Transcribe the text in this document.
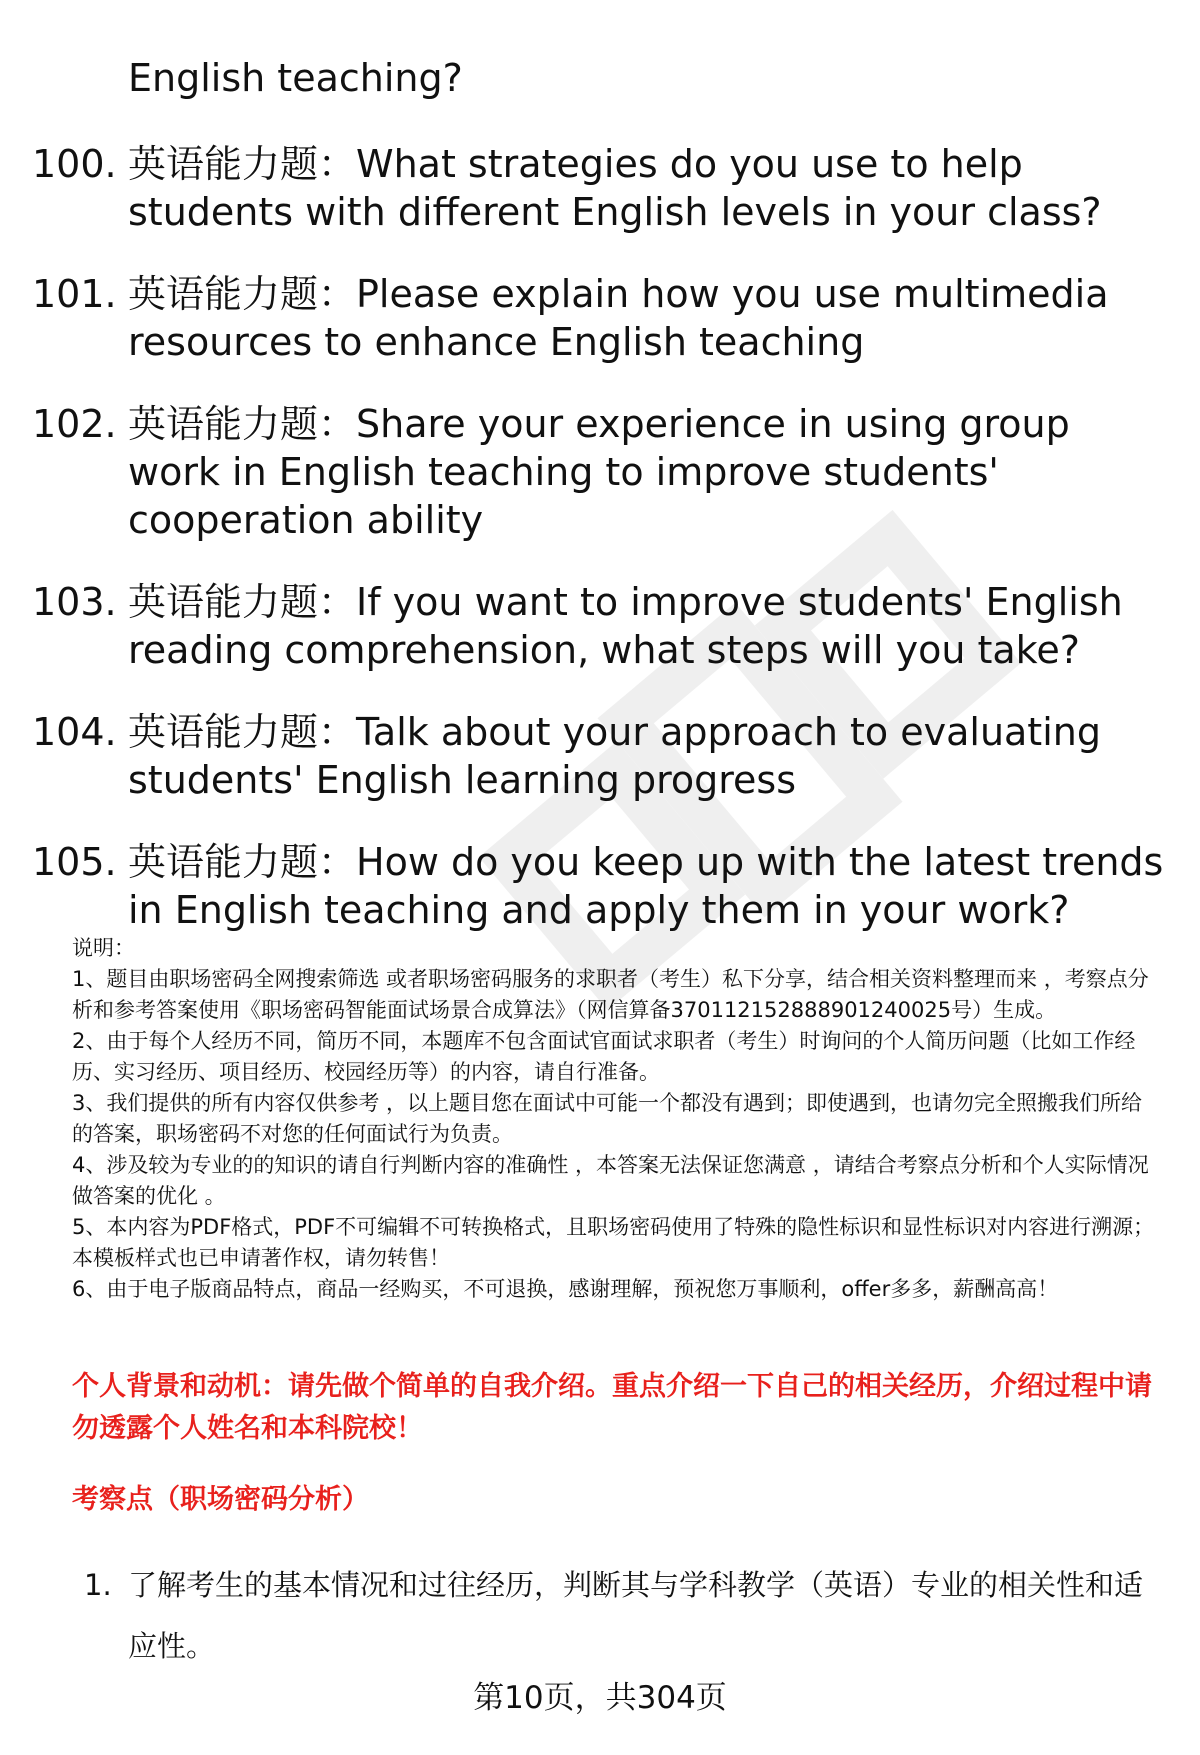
English teaching?
100. 英语能力题：What strategies do you use to help students with different English levels in your class?
101. 英语能力题：Please explain how you use multimedia resources to enhance English teaching
102. 英语能力题：Share your experience in using group work in English teaching to improve students' cooperation ability
103. 英语能力题：If you want to improve students' English reading comprehension, what steps will you take?
104. 英语能力题：Talk about your approach to evaluating students' English learning progress
105. 英语能力题：How do you keep up with the latest trends in English teaching and apply them in your work?

说明：

1、题目由职场密码全网搜索筛选 或者职场密码服务的求职者（考生）私下分享，结合相关资料整理而来 ，考察点分析和参考答案使用《职场密码智能面试场景合成算法》（网信算备370112152888901240025号）生成。

2、由于每个人经历不同，简历不同，本题库不包含面试官面试求职者（考生）时询问的个人简历问题（比如工作经历、实习经历、项目经历、校园经历等）的内容，请自行准备。

3、我们提供的所有内容仅供参考 ，以上题目您在面试中可能一个都没有遇到；即使遇到，也请勿完全照搬我们所给的答案，职场密码不对您的任何面试行为负责。

4、涉及较为专业的的知识的请自行判断内容的准确性 ，本答案无法保证您满意 ，请结合考察点分析和个人实际情况做答案的优化 。

5、本内容为PDF格式，PDF不可编辑不可转换格式，且职场密码使用了特殊的隐性标识和显性标识对内容进行溯源；本模板样式也已申请著作权，请勿转售！

6、由于电子版商品特点，商品一经购买，不可退换，感谢理解，预祝您万事顺利，offer多多，薪酬高高！

个人背景和动机：请先做个简单的自我介绍。重点介绍一下自己的相关经历，介绍过程中请勿透露个人姓名和本科院校！
考察点（职场密码分析）
1. 了解考生的基本情况和过往经历，判断其与学科教学（英语）专业的相关性和适应性。
第10页，共304页
